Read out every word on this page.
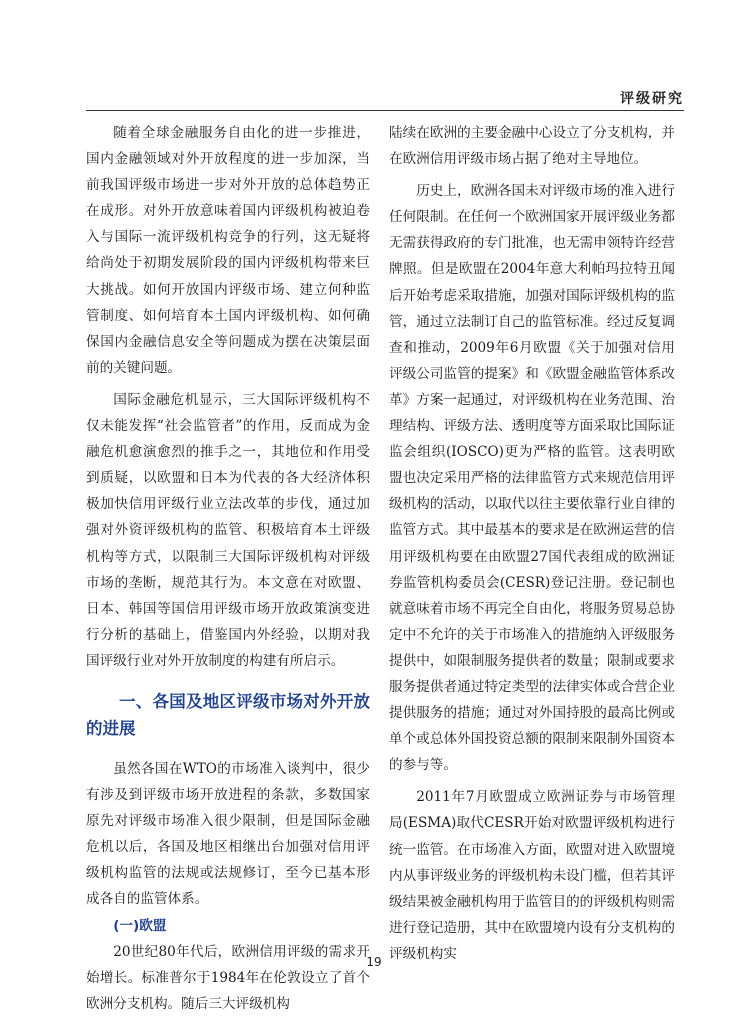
评级研究

随着全球金融服务自由化的进一步推进，国内金融领域对外开放程度的进一步加深，当前我国评级市场进一步对外开放的总体趋势正在成形。对外开放意味着国内评级机构被迫卷入与国际一流评级机构竞争的行列，这无疑将给尚处于初期发展阶段的国内评级机构带来巨大挑战。如何开放国内评级市场、建立何种监管制度、如何培育本土国内评级机构、如何确保国内金融信息安全等问题成为摆在决策层面前的关键问题。

国际金融危机显示，三大国际评级机构不仅未能发挥“社会监管者”的作用，反而成为金融危机愈演愈烈的推手之一，其地位和作用受到质疑，以欧盟和日本为代表的各大经济体积极加快信用评级行业立法改革的步伐，通过加强对外资评级机构的监管、积极培育本土评级机构等方式，以限制三大国际评级机构对评级市场的垄断，规范其行为。本文意在对欧盟、日本、韩国等国信用评级市场开放政策演变进行分析的基础上，借鉴国内外经验，以期对我国评级行业对外开放制度的构建有所启示。

一、各国及地区评级市场对外开放的进展

虽然各国在WTO的市场准入谈判中，很少有涉及到评级市场开放进程的条款，多数国家原先对评级市场准入很少限制，但是国际金融危机以后，各国及地区相继出台加强对信用评级机构监管的法规或法规修订，至今已基本形成各自的监管体系。

(一)欧盟

20世纪80年代后，欧洲信用评级的需求开始增长。标准普尔于1984年在伦敦设立了首个欧洲分支机构。随后三大评级机构

陆续在欧洲的主要金融中心设立了分支机构，并在欧洲信用评级市场占据了绝对主导地位。

历史上，欧洲各国未对评级市场的准入进行任何限制。在任何一个欧洲国家开展评级业务都无需获得政府的专门批准，也无需申领特许经营牌照。但是欧盟在2004年意大利帕玛拉特丑闻后开始考虑采取措施，加强对国际评级机构的监管，通过立法制订自己的监管标准。经过反复调查和推动，2009年6月欧盟《关于加强对信用评级公司监管的提案》和《欧盟金融监管体系改革》方案一起通过，对评级机构在业务范围、治理结构、评级方法、透明度等方面采取比国际证监会组织(IOSCO)更为严格的监管。这表明欧盟也决定采用严格的法律监管方式来规范信用评级机构的活动，以取代以往主要依靠行业自律的监管方式。其中最基本的要求是在欧洲运营的信用评级机构要在由欧盟27国代表组成的欧洲证券监管机构委员会(CESR)登记注册。登记制也就意味着市场不再完全自由化，将服务贸易总协定中不允许的关于市场准入的措施纳入评级服务提供中，如限制服务提供者的数量；限制或要求服务提供者通过特定类型的法律实体或合营企业提供服务的措施；通过对外国持股的最高比例或单个或总体外国投资总额的限制来限制外国资本的参与等。

2011年7月欧盟成立欧洲证券与市场管理局(ESMA)取代CESR开始对欧盟评级机构进行统一监管。在市场准入方面，欧盟对进入欧盟境内从事评级业务的评级机构未设门槛，但若其评级结果被金融机构用于监管目的的评级机构则需进行登记造册，其中在欧盟境内设有分支机构的评级机构实

19
